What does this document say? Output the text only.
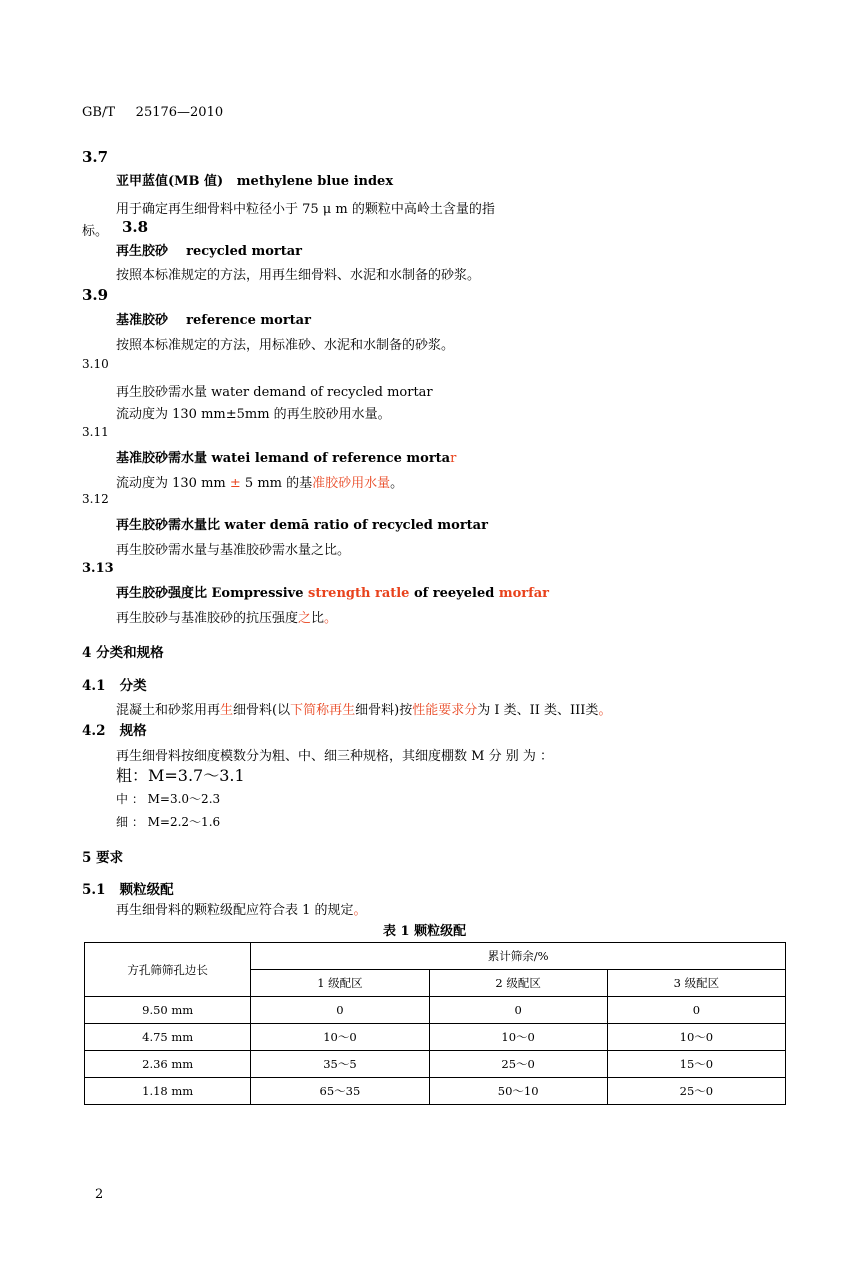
GB/T 25176—2010
3.7
亚甲蓝值(MB 值) methylene blue index
用于确定再生细骨料中粒径小于 75 μ m 的颗粒中高岭土含量的指
标。 3.8
再生胶砂 recycled mortar
按照本标准规定的方法，用再生细骨料、水泥和水制备的砂浆。
3.9
基准胶砂 reference mortar
按照本标准规定的方法，用标准砂、水泥和水制备的砂浆。
3.10
再生胶砂需水量 water demand of recycled mortar
流动度为 130 mm±5mm 的再生胶砂用水量。
3.11
基准胶砂需水量 watei lemand of reference mortar
流动度为 130 mm ± 5 mm 的基准胶砂用水量。
3.12
再生胶砂需水量比 water demā ratio of recycled mortar
再生胶砂需水量与基准胶砂需水量之比。
3.13
再生胶砂强度比 Eompressive strength ratle of reeyeled morfar
再生胶砂与基准胶砂的抗压强度之比。
4 分类和规格
4.1 分类
混凝土和砂浆用再生细骨料(以下简称再生细骨料)按性能要求分为 I 类、II 类、III类。
4.2 规格
再生细骨料按细度模数分为粗、中、细三种规格，其细度棚数 M 分 别 为 ：
粗：M=3.7～3.1
中 ： M=3.0～2.3
细 ： M=2.2～1.6
5 要求
5.1 颗粒级配
再生细骨料的颗粒级配应符合表 1 的规定。
表 1 颗粒级配
方孔筛筛孔边长	累计筛余/%		
	1 级配区	2 级配区	3 级配区
9.50 mm	0	0	0
4.75 mm	10～0	10～0	10～0
2.36 mm	35～5	25～0	15～0
1.18 mm	65～35	50～10	25～0
2
